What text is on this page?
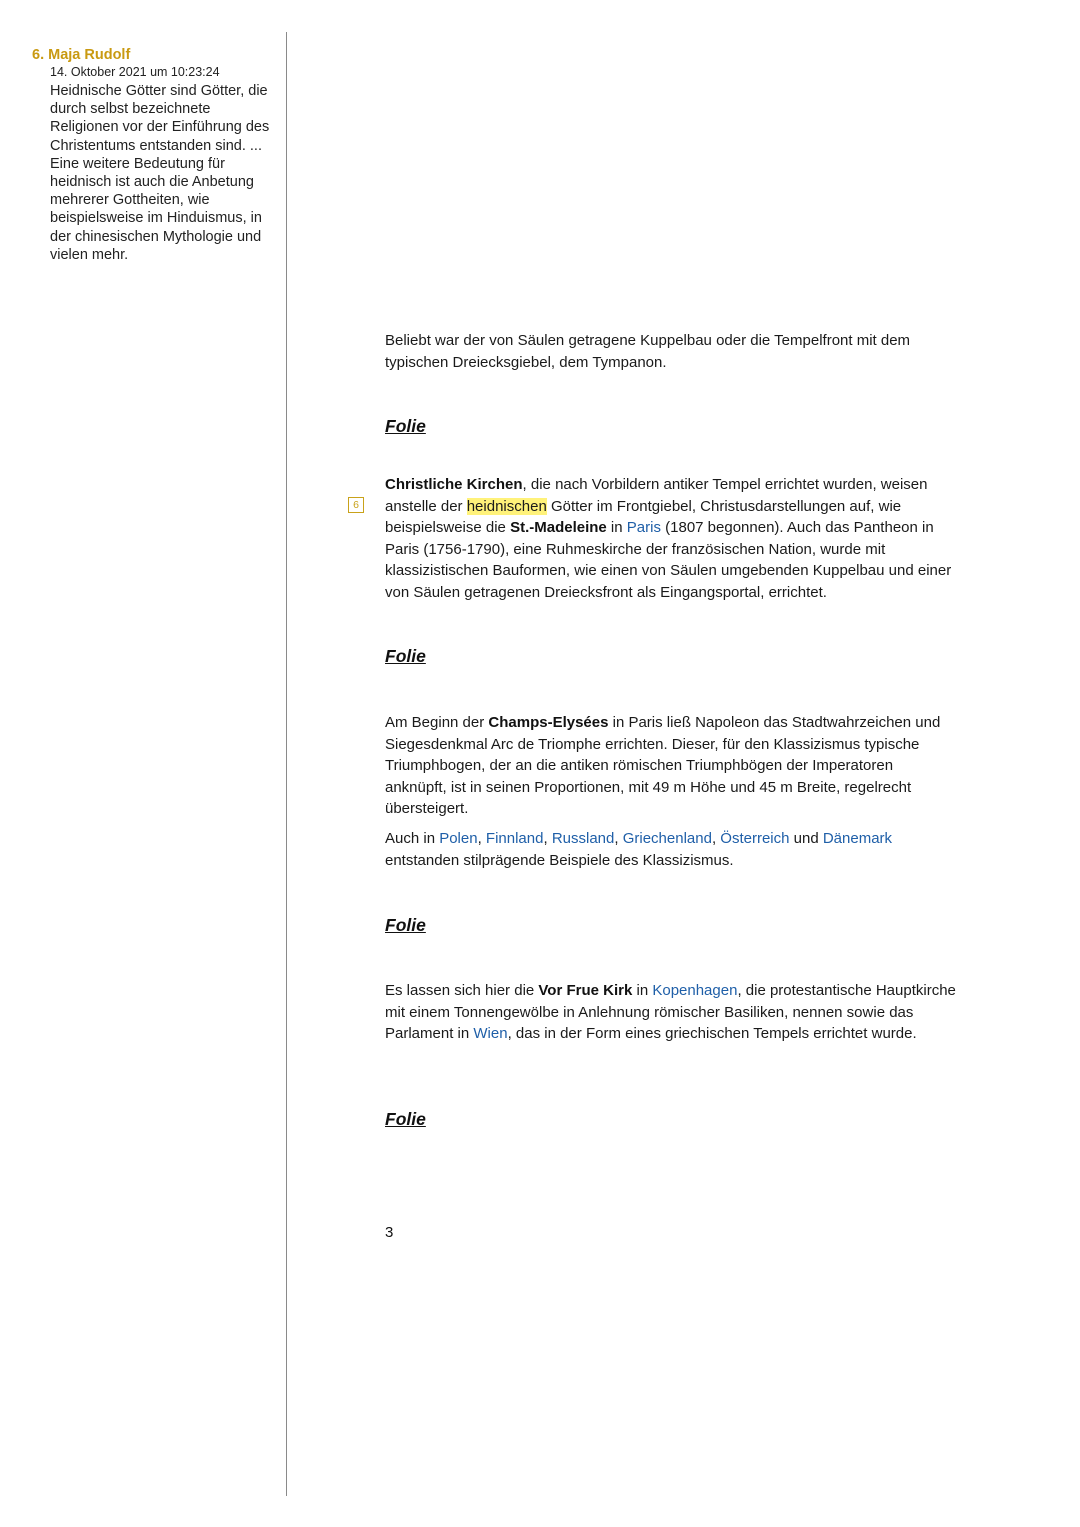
6. Maja Rudolf
14. Oktober 2021 um 10:23:24
Heidnische Götter sind Götter, die durch selbst bezeichnete Religionen vor der Einführung des Christentums entstanden sind. ... Eine weitere Bedeutung für heidnisch ist auch die Anbetung mehrerer Gottheiten, wie beispielsweise im Hinduismus, in der chinesischen Mythologie und vielen mehr.
6
Beliebt war der von Säulen getragene Kuppelbau oder die Tempelfront mit dem typischen Dreiecksgiebel, dem Tympanon.
Folie
Christliche Kirchen, die nach Vorbildern antiker Tempel errichtet wurden, weisen anstelle der heidnischen Götter im Frontgiebel, Christusdarstellungen auf, wie beispielsweise die St.-Madeleine in Paris (1807 begonnen). Auch das Pantheon in Paris (1756-1790), eine Ruhmeskirche der französischen Nation, wurde mit klassizistischen Bauformen, wie einen von Säulen umgebenden Kuppelbau und einer von Säulen getragenen Dreiecksfront als Eingangsportal, errichtet.
Folie
Am Beginn der Champs-Elysées in Paris ließ Napoleon das Stadtwahrzeichen und Siegesdenkmal Arc de Triomphe errichten. Dieser, für den Klassizismus typische Triumphbogen, der an die antiken römischen Triumphbögen der Imperatoren anknüpft, ist in seinen Proportionen, mit 49 m Höhe und 45 m Breite, regelrecht übersteigert.
Auch in Polen, Finnland, Russland, Griechenland, Österreich und Dänemark entstanden stilprägende Beispiele des Klassizismus.
Folie
Es lassen sich hier die Vor Frue Kirk in Kopenhagen, die protestantische Hauptkirche mit einem Tonnengewölbe in Anlehnung römischer Basiliken, nennen sowie das Parlament in Wien, das in der Form eines griechischen Tempels errichtet wurde.
Folie
3
